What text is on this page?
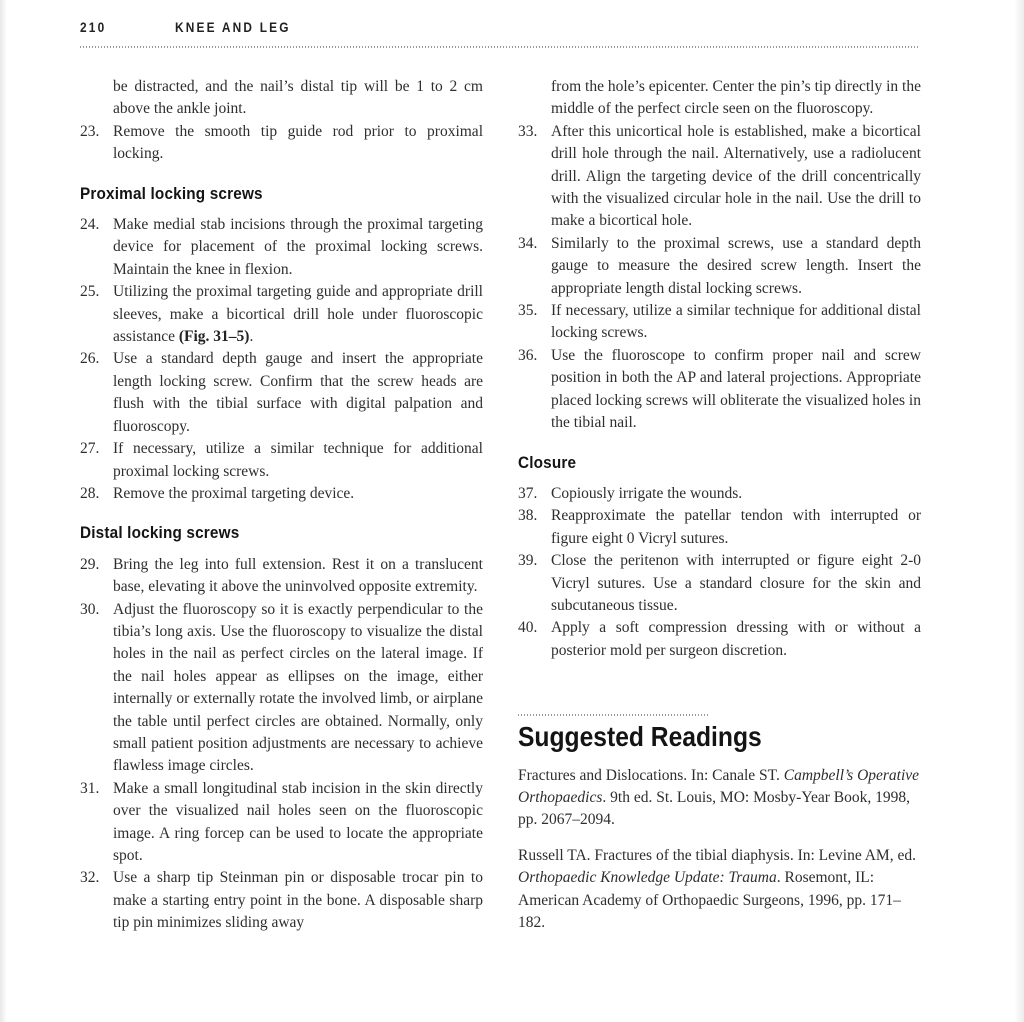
210	KNEE AND LEG
be distracted, and the nail’s distal tip will be 1 to 2 cm above the ankle joint.
23. Remove the smooth tip guide rod prior to proximal locking.
Proximal locking screws
24. Make medial stab incisions through the proximal targeting device for placement of the proximal locking screws. Maintain the knee in flexion.
25. Utilizing the proximal targeting guide and appropriate drill sleeves, make a bicortical drill hole under fluoroscopic assistance (Fig. 31–5).
26. Use a standard depth gauge and insert the appropriate length locking screw. Confirm that the screw heads are flush with the tibial surface with digital palpation and fluoroscopy.
27. If necessary, utilize a similar technique for additional proximal locking screws.
28. Remove the proximal targeting device.
Distal locking screws
29. Bring the leg into full extension. Rest it on a translucent base, elevating it above the uninvolved opposite extremity.
30. Adjust the fluoroscopy so it is exactly perpendicular to the tibia’s long axis. Use the fluoroscopy to visualize the distal holes in the nail as perfect circles on the lateral image. If the nail holes appear as ellipses on the image, either internally or externally rotate the involved limb, or airplane the table until perfect circles are obtained. Normally, only small patient position adjustments are necessary to achieve flawless image circles.
31. Make a small longitudinal stab incision in the skin directly over the visualized nail holes seen on the fluoroscopic image. A ring forcep can be used to locate the appropriate spot.
32. Use a sharp tip Steinman pin or disposable trocar pin to make a starting entry point in the bone. A disposable sharp tip pin minimizes sliding away
from the hole’s epicenter. Center the pin’s tip directly in the middle of the perfect circle seen on the fluoroscopy.
33. After this unicortical hole is established, make a bicortical drill hole through the nail. Alternatively, use a radiolucent drill. Align the targeting device of the drill concentrically with the visualized circular hole in the nail. Use the drill to make a bicortical hole.
34. Similarly to the proximal screws, use a standard depth gauge to measure the desired screw length. Insert the appropriate length distal locking screws.
35. If necessary, utilize a similar technique for additional distal locking screws.
36. Use the fluoroscope to confirm proper nail and screw position in both the AP and lateral projections. Appropriate placed locking screws will obliterate the visualized holes in the tibial nail.
Closure
37. Copiously irrigate the wounds.
38. Reapproximate the patellar tendon with interrupted or figure eight 0 Vicryl sutures.
39. Close the peritenon with interrupted or figure eight 2-0 Vicryl sutures. Use a standard closure for the skin and subcutaneous tissue.
40. Apply a soft compression dressing with or without a posterior mold per surgeon discretion.
Suggested Readings

Fractures and Dislocations. In: Canale ST. Campbell’s Operative Orthopaedics. 9th ed. St. Louis, MO: Mosby-Year Book, 1998, pp. 2067–2094.

Russell TA. Fractures of the tibial diaphysis. In: Levine AM, ed. Orthopaedic Knowledge Update: Trauma. Rosemont, IL: American Academy of Orthopaedic Surgeons, 1996, pp. 171–182.
